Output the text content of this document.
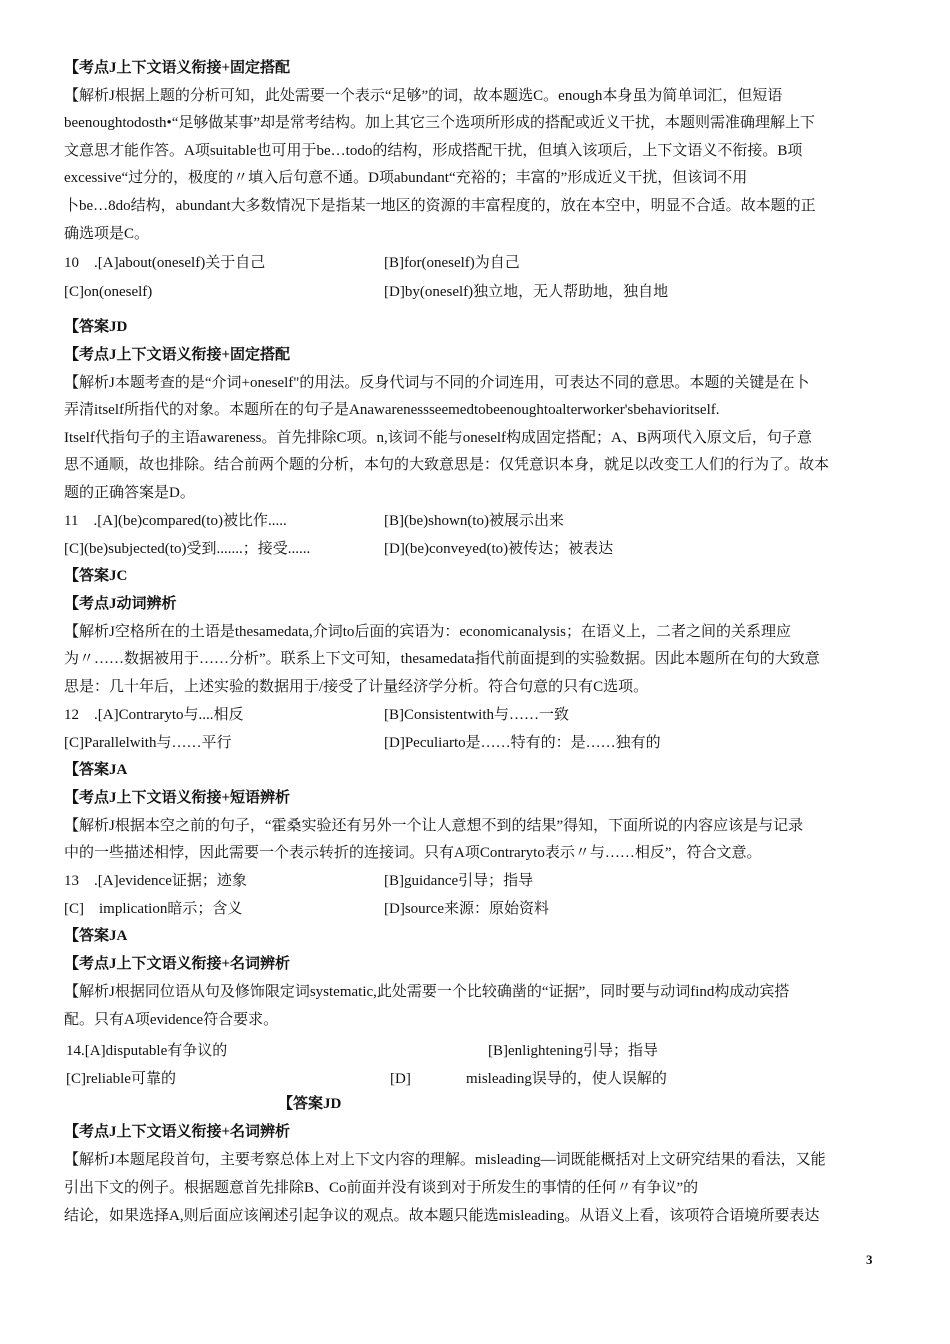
【考点J上下文语义衔接+固定搭配
【解析J根据上题的分析可知，此处需要一个表示“足够”的词，故本题选C。enough本身虽为简单词汇，但短语
beenoughtodosth•“足够做某事”却是常考结构。加上其它三个选项所形成的搭配或近义干扰，本题则需准确理解上下
文意思才能作答。A项suitable也可用于be…todo的结构，形成搭配干扰，但填入该项后，上下文语义不衔接。B项
excessive“过分的，极度的〃填入后句意不通。D项abundant“充裕的；丰富的”形成近义干扰，但该词不用
卜be…8do结构，abundant大多数情况下是指某一地区的资源的丰富程度的，放在本空中，明显不合适。故本题的正
确选项是C。
10　.[A]about(oneself)关于自己	[B]for(oneself)为自己
[C]on(oneself)	[D]by(oneself)独立地，无人帮助地，独自地
【答案JD
【考点J上下文语义衔接+固定搭配
【解析J本题考查的是“介词+oneself"的用法。反身代词与不同的介词连用，可表达不同的意思。本题的关键是在卜
弄清itself所指代的对象。本题所在的句子是Anawarenessseemedtobeenoughtoalterworker'sbehavioritself.
Itself代指句子的主语awareness。首先排除C项。n,该词不能与oneself构成固定搭配；A、B两项代入原文后，句子意
思不通顺，故也排除。结合前两个题的分析，本句的大致意思是：仅凭意识本身，就足以改变工人们的行为了。故本
题的正确答案是D。
11　.[A](be)compared(to)被比作.....	[B](be)shown(to)被展示出来
[C](be)subjected(to)受到.......；接受......	[D](be)conveyed(to)被传达；被表达
【答案JC
【考点J动词辨析
【解析J空格所在的土语是thesamedata,介词to后面的宾语为：economicanalysis；在语义上，二者之间的关系理应
为〃……数据被用于……分析”。联系上下文可知，thesamedata指代前面提到的实验数据。因此本题所在句的大致意
思是：几十年后，上述实验的数据用于/接受了计量经济学分析。符合句意的只有C选项。
12　.[A]Contraryto与....相反	[B]Consistentwith与……一致
[C]Parallelwith与……平行	[D]Peculiarto是……特有的：是……独有的
【答案JA
【考点J上下文语义衔接+短语辨析
【解析J根据本空之前的句子，“霍桑实验还有另外一个让人意想不到的结果”得知，下面所说的内容应该是与记录
中的一些描述相悖，因此需要一个表示转折的连接词。只有A项Contraryto表示〃与……相反”，符合文意。
13　.[A]evidence证据；迹象	[B]guidance引导；指导
[C]　implication暗示；含义	[D]source来源：原始资料
【答案JA
【考点J上下文语义衔接+名词辨析
【解析J根据同位语从句及修饰限定词systematic,此处需要一个比较确凿的“证据”，同时要与动词find构成动宾搭
配。只有A项evidence符合要求。
14.[A]disputable有争议的	[B]enlightening引导；指导
[C]reliable可靠的	[D]	misleading误导的，使人误解的
【答案JD
【考点J上下文语义衔接+名词辨析
【解析J本题尾段首句，主要考察总体上对上下文内容的理解。misleading—词既能概括对上文研究结果的看法，又能
引出下文的例子。根据题意首先排除B、Co前面并没有谈到对于所发生的事情的任何〃有争议”的
结论，如果选择A,则后面应该阐述引起争议的观点。故本题只能选misleading。从语义上看，该项符合语境所要表达
3
